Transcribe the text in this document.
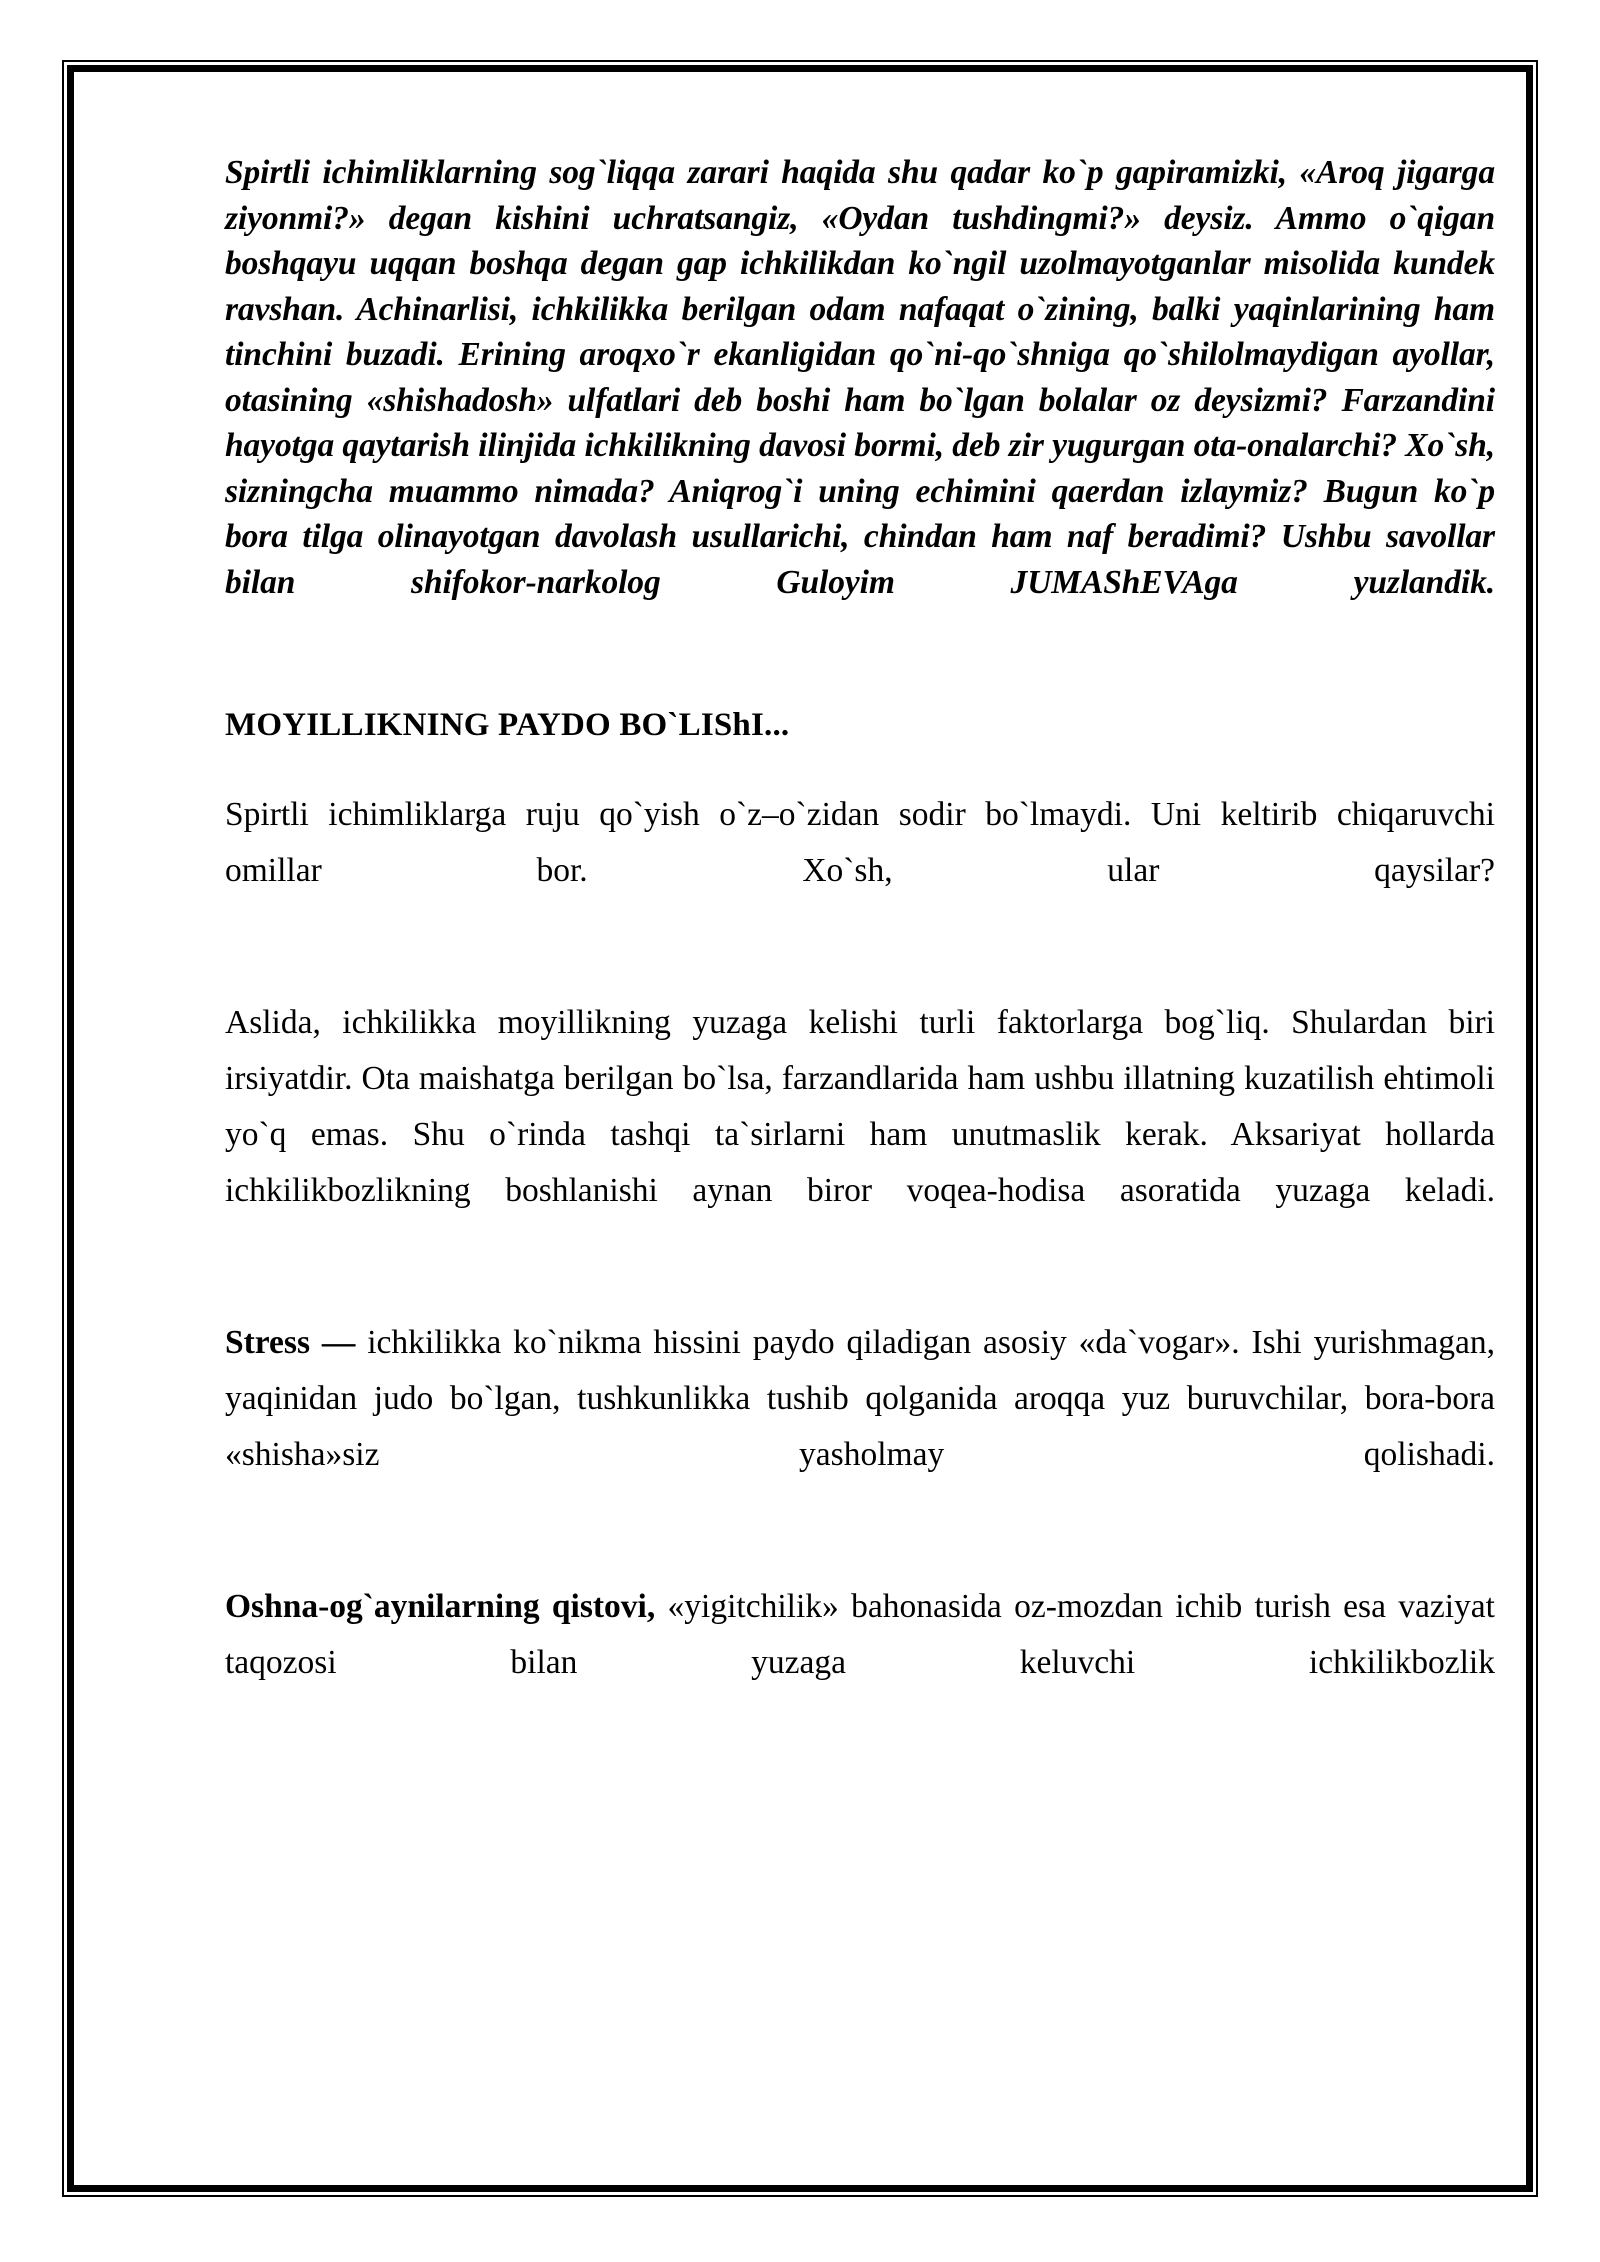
Spirtli ichimliklarning sog`liqqa zarari haqida shu qadar ko`p gapiramizki, «Aroq jigarga ziyonmi?» degan kishini uchratsangiz, «Oydan tushdingmi?» deysiz. Ammo o`qigan boshqayu uqqan boshqa degan gap ichkilikdan ko`ngil uzolmayotganlar misolida kundek ravshan. Achinarlisi, ichkilikka berilgan odam nafaqat o`zining, balki yaqinlarining ham tinchini buzadi. Erining aroqxo`r ekanligidan qo`ni-qo`shniga qo`shilolmaydigan ayollar, otasining «shishadosh» ulfatlari deb boshi ham bo`lgan bolalar oz deysizmi? Farzandini hayotga qaytarish ilinjida ichkilikning davosi bormi, deb zir yugurgan ota-onalarchi? Xo`sh, sizningcha muammo nimada? Aniqrog`i uning echimini qaerdan izlaymiz? Bugun ko`p bora tilga olinayotgan davolash usullarichi, chindan ham naf beradimi? Ushbu savollar bilan shifokor-narkolog Guloyim JUMAShEVAga yuzlandik.

MOYILLIKNING PAYDO BO`LIShI...

Spirtli ichimliklarga ruju qo`yish o`z–o`zidan sodir bo`lmaydi. Uni keltirib chiqaruvchi omillar bor. Xo`sh, ular qaysilar?

Aslida, ichkilikka moyillikning yuzaga kelishi turli faktorlarga bog`liq. Shulardan biri irsiyatdir. Ota maishatga berilgan bo`lsa, farzandlarida ham ushbu illatning kuzatilish ehtimoli yo`q emas. Shu o`rinda tashqi ta`sirlarni ham unutmaslik kerak. Aksariyat hollarda ichkilikbozlikning boshlanishi aynan biror voqea-hodisa asoratida yuzaga keladi.

Stress — ichkilikka ko`nikma hissini paydo qiladigan asosiy «da`vogar». Ishi yurishmagan, yaqinidan judo bo`lgan, tushkunlikka tushib qolganida aroqqa yuz buruvchilar, bora-bora «shisha»siz yasholmay qolishadi.

Oshna-og`aynilarning qistovi, «yigitchilik» bahonasida oz-mozdan ichib turish esa vaziyat taqozosi bilan yuzaga keluvchi ichkilikbozlik
